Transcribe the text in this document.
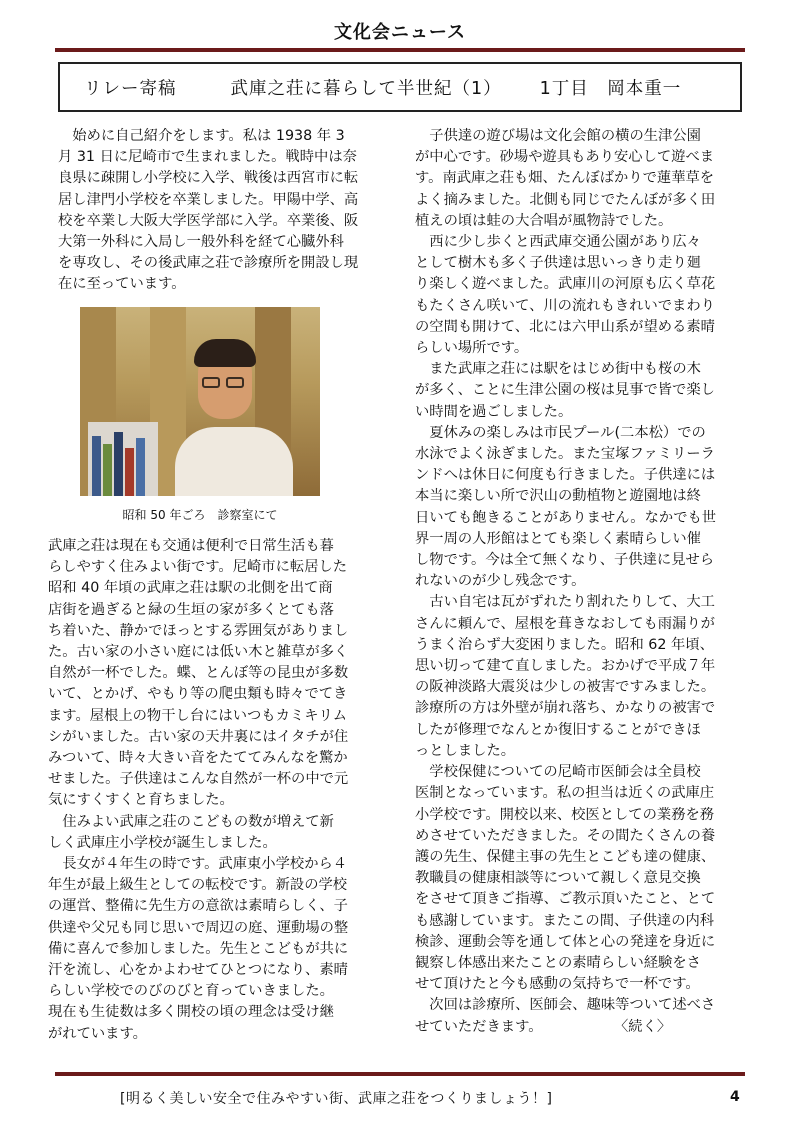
文化会ニュース
リレー寄稿	武庫之荘に暮らして半世紀（1） 1丁目　岡本重一
　始めに自己紹介をします。私は 1938 年 3
月 31 日に尼崎市で生まれました。戦時中は奈
良県に疎開し小学校に入学、戦後は西宮市に転
居し津門小学校を卒業しました。甲陽中学、高
校を卒業し大阪大学医学部に入学。卒業後、阪
大第一外科に入局し一般外科を経て心臓外科
を専攻し、その後武庫之荘で診療所を開設し現
在に至っています。
昭和 50 年ごろ　診察室にて
武庫之荘は現在も交通は便利で日常生活も暮
らしやすく住みよい街です。尼崎市に転居した
昭和 40 年頃の武庫之荘は駅の北側を出て商
店街を過ぎると緑の生垣の家が多くとても落
ち着いた、静かでほっとする雰囲気がありまし
た。古い家の小さい庭には低い木と雑草が多く
自然が一杯でした。蝶、とんぼ等の昆虫が多数
いて、とかげ、やもり等の爬虫類も時々でてき
ます。屋根上の物干し台にはいつもカミキリム
シがいました。古い家の天井裏にはイタチが住
みついて、時々大きい音をたててみんなを驚か
せました。子供達はこんな自然が一杯の中で元
気にすくすくと育ちました。
　住みよい武庫之荘のこどもの数が増えて新
しく武庫庄小学校が誕生しました。
　長女が４年生の時です。武庫東小学校から４
年生が最上級生としての転校です。新設の学校
の運営、整備に先生方の意欲は素晴らしく、子
供達や父兄も同じ思いで周辺の庭、運動場の整
備に喜んで参加しました。先生とこどもが共に
汗を流し、心をかよわせてひとつになり、素晴
らしい学校でのびのびと育っていきました。
現在も生徒数は多く開校の頃の理念は受け継
がれています。
　子供達の遊び場は文化会館の横の生津公園
が中心です。砂場や遊具もあり安心して遊べま
す。南武庫之荘も畑、たんぼばかりで蓮華草を
よく摘みました。北側も同じでたんぼが多く田
植えの頃は蛙の大合唱が風物詩でした。
　西に少し歩くと西武庫交通公園があり広々
として樹木も多く子供達は思いっきり走り廻
り楽しく遊べました。武庫川の河原も広く草花
もたくさん咲いて、川の流れもきれいでまわり
の空間も開けて、北には六甲山系が望める素晴
らしい場所です。
　また武庫之荘には駅をはじめ街中も桜の木
が多く、ことに生津公園の桜は見事で皆で楽し
い時間を過ごしました。
　夏休みの楽しみは市民プール(二本松）での
水泳でよく泳ぎました。また宝塚ファミリーラ
ンドへは休日に何度も行きました。子供達には
本当に楽しい所で沢山の動植物と遊園地は終
日いても飽きることがありません。なかでも世
界一周の人形館はとても楽しく素晴らしい催
し物です。今は全て無くなり、子供達に見せら
れないのが少し残念です。
　古い自宅は瓦がずれたり割れたりして、大工
さんに頼んで、屋根を葺きなおしても雨漏りが
うまく治らず大変困りました。昭和 62 年頃、
思い切って建て直しました。おかげで平成７年
の阪神淡路大震災は少しの被害ですみました。
診療所の方は外壁が崩れ落ち、かなりの被害で
したが修理でなんとか復旧することができほ
っとしました。
　学校保健についての尼崎市医師会は全員校
医制となっています。私の担当は近くの武庫庄
小学校です。開校以来、校医としての業務を務
めさせていただきました。その間たくさんの養
護の先生、保健主事の先生とこども達の健康、
教職員の健康相談等について親しく意見交換
をさせて頂きご指導、ご教示頂いたこと、とて
も感謝しています。またこの間、子供達の内科
検診、運動会等を通して体と心の発達を身近に
観察し体感出来たことの素晴らしい経験をさ
せて頂けたと今も感動の気持ちで一杯です。
　次回は診療所、医師会、趣味等ついて述べさ
せていただきます。　　　　　　〈続く〉
[明るく美しい安全で住みやすい街、武庫之荘をつくりましょう！]	4
